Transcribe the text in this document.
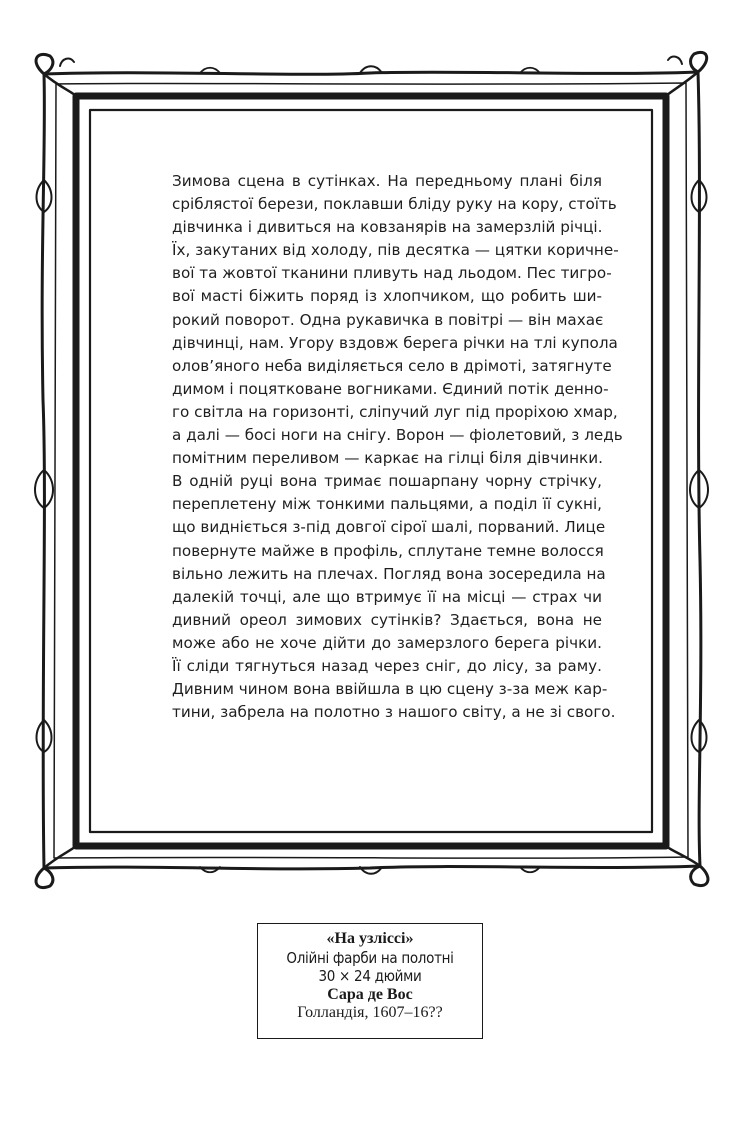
Зимова сцена в сутінках. На передньому плані біля
сріблястої берези, поклавши бліду руку на кору, стоїть
дівчинка і дивиться на ковзанярів на замерзлій річці.
Їх, закутаних від холоду, пів десятка — цятки коричне-
вої та жовтої тканини пливуть над льодом. Пес тигро-
вої масті біжить поряд із хлопчиком, що робить ши-
рокий поворот. Одна рукавичка в повітрі — він махає
дівчинці, нам. Угору вздовж берега річки на тлі купола
олов’яного неба виділяється село в дрімоті, затягнуте
димом і поцятковане вогниками. Єдиний потік денно-
го світла на горизонті, сліпучий луг під проріхою хмар,
а далі — босі ноги на снігу. Ворон — фіолетовий, з ледь
помітним переливом — каркає на гілці біля дівчинки.
В одній руці вона тримає пошарпану чорну стрічку,
переплетену між тонкими пальцями, а поділ її сукні,
що видніється з-під довгої сірої шалі, порваний. Лице
повернуте майже в профіль, сплутане темне волосся
вільно лежить на плечах. Погляд вона зосередила на
далекій точці, але що втримує її на місці — страх чи
дивний ореол зимових сутінків? Здається, вона не
може або не хоче дійти до замерзлого берега річки.
Її сліди тягнуться назад через сніг, до лісу, за раму.
Дивним чином вона ввійшла в цю сцену з-за меж кар-
тини, забрела на полотно з нашого світу, а не зі свого.
«На узліссі»
Олійні фарби на полотні
30 × 24 дюйми
Сара де Вос
Голландія, 1607–16??
